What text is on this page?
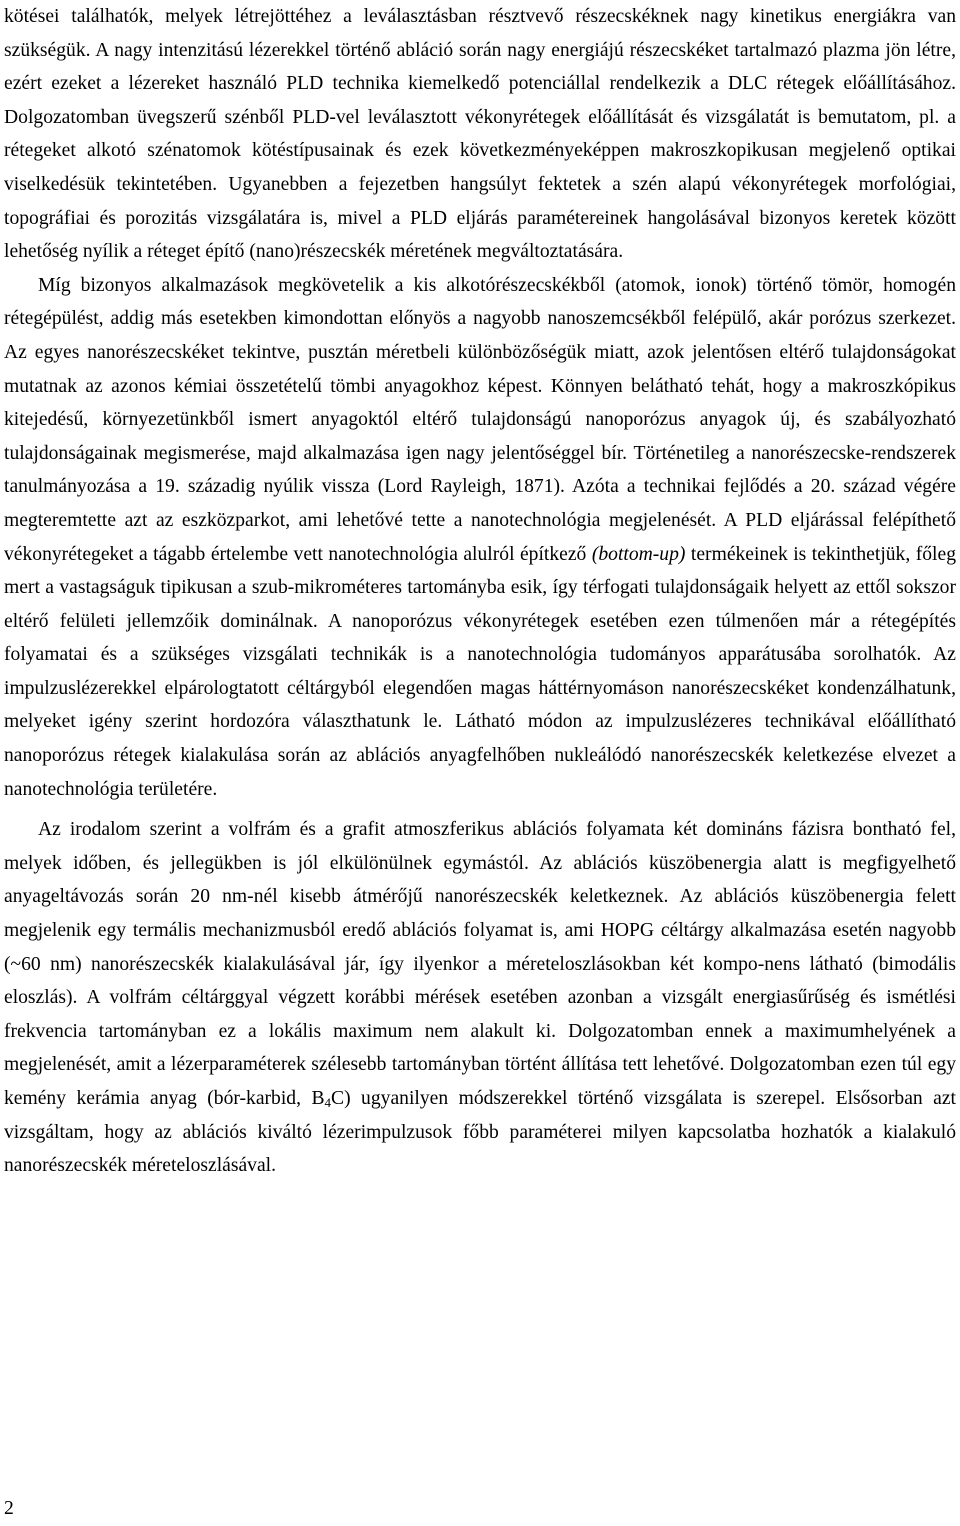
kötései találhatók, melyek létrejöttéhez a leválasztásban résztvevő részecskéknek nagy kinetikus energiákra van szükségük. A nagy intenzitású lézerekkel történő abláció során nagy energiájú részecskéket tartalmazó plazma jön létre, ezért ezeket a lézereket használó PLD technika kiemelkedő potenciállal rendelkezik a DLC rétegek előállításához. Dolgozatomban üvegszerű szénből PLD-vel leválasztott vékonyrétegek előállítását és vizsgálatát is bemutatom, pl. a rétegeket alkotó szénatomok kötéstípusainak és ezek következményeképpen makroszkopikusan megjelenő optikai viselkedésük tekintetében. Ugyanebben a fejezetben hangsúlyt fektetek a szén alapú vékonyrétegek morfológiai, topográfiai és porozitás vizsgálatára is, mivel a PLD eljárás paramétereinek hangolásával bizonyos keretek között lehetőség nyílik a réteget építő (nano)részecskék méretének megváltoztatására.

Míg bizonyos alkalmazások megkövetelik a kis alkotórészecskékből (atomok, ionok) történő tömör, homogén rétegépülést, addig más esetekben kimondottan előnyös a nagyobb nanoszemcsékből felépülő, akár porózus szerkezet. Az egyes nanorészecskéket tekintve, pusztán méretbeli különbözőségük miatt, azok jelentősen eltérő tulajdonságokat mutatnak az azonos kémiai összetételű tömbi anyagokhoz képest. Könnyen belátható tehát, hogy a makroszkópikus kitejedésű, környezetünkből ismert anyagoktól eltérő tulajdonságú nanoporózus anyagok új, és szabályozható tulajdonságainak megismerése, majd alkalmazása igen nagy jelentőséggel bír. Történetileg a nanorészecske-rendszerek tanulmányozása a 19. századig nyúlik vissza (Lord Rayleigh, 1871). Azóta a technikai fejlődés a 20. század végére megteremtette azt az eszközparkot, ami lehetővé tette a nanotechnológia megjelenését. A PLD eljárással felépíthető vékonyrétegeket a tágabb értelembe vett nanotechnológia alulról építkező (bottom-up) termékeinek is tekinthetjük, főleg mert a vastagságuk tipikusan a szub-mikrométeres tartományba esik, így térfogati tulajdonságaik helyett az ettől sokszor eltérő felületi jellemzőik dominálnak. A nanoporózus vékonyrétegek esetében ezen túlmenően már a rétegépítés folyamatai és a szükséges vizsgálati technikák is a nanotechnológia tudományos apparátusába sorolhatók. Az impulzuslézerekkel elpárologtatott céltárgyból elegendően magas háttérnyomáson nanorészecskéket kondenzálhatunk, melyeket igény szerint hordozóra választhatunk le. Látható módon az impulzuslézeres technikával előállítható nanoporózus rétegek kialakulása során az ablációs anyagfelhőben nukleálódó nanorészecskék keletkezése elvezet a nanotechnológia területére.

Az irodalom szerint a volfrám és a grafit atmoszferikus ablációs folyamata két domináns fázisra bontható fel, melyek időben, és jellegükben is jól elkülönülnek egymástól. Az ablációs küszöbenergia alatt is megfigyelhető anyageltávozás során 20 nm-nél kisebb átmérőjű nanorészecskék keletkeznek. Az ablációs küszöbenergia felett megjelenik egy termális mechanizmusból eredő ablációs folyamat is, ami HOPG céltárgy alkalmazása esetén nagyobb (~60 nm) nanorészecskék kialakulásával jár, így ilyenkor a méreteloszlásokban két kompo-nens látható (bimodális eloszlás). A volfrám céltárggyal végzett korábbi mérések esetében azonban a vizsgált energiasűrűség és ismétlési frekvencia tartományban ez a lokális maximum nem alakult ki. Dolgozatomban ennek a maximumhelyének a megjelenését, amit a lézerparaméterek szélesebb tartományban történt állítása tett lehetővé. Dolgozatomban ezen túl egy kemény kerámia anyag (bór-karbid, $B_4C$) ugyanilyen módszerekkel történő vizsgálata is szerepel. Elsősorban azt vizsgáltam, hogy az ablációs kiváltó lézerimpulzusok főbb paraméterei milyen kapcsolatba hozhatók a kialakuló nanorészecskék méreteloszlásával.

2
